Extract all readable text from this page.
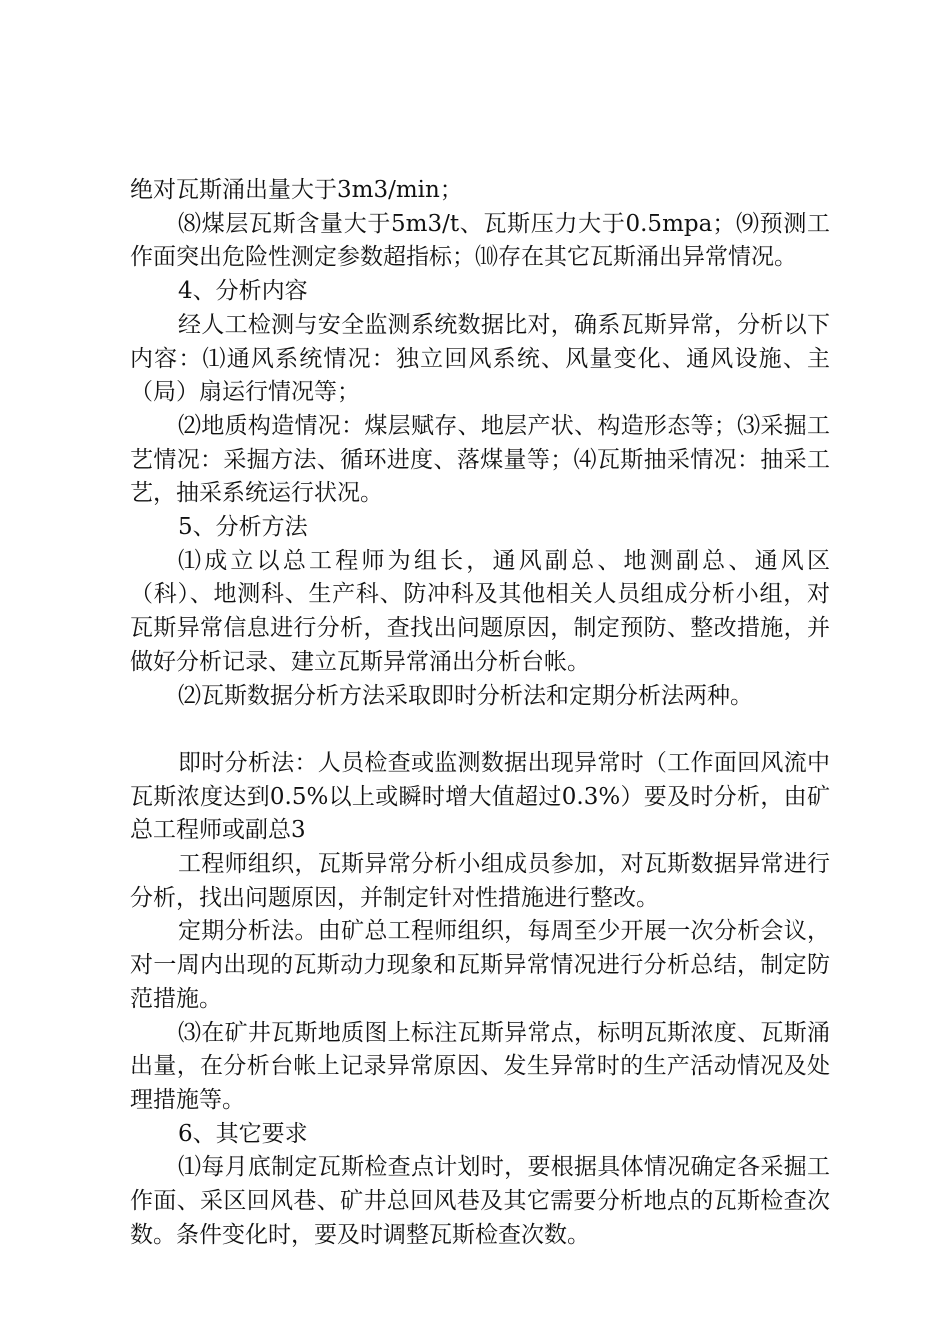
绝对瓦斯涌出量大于3m3/min；

⑻煤层瓦斯含量大于5m3/t、瓦斯压力大于0.5mpa；⑼预测工作面突出危险性测定参数超指标；⑽存在其它瓦斯涌出异常情况。

4、分析内容

经人工检测与安全监测系统数据比对，确系瓦斯异常，分析以下内容：⑴通风系统情况：独立回风系统、风量变化、通风设施、主（局）扇运行情况等；

⑵地质构造情况：煤层赋存、地层产状、构造形态等；⑶采掘工艺情况：采掘方法、循环进度、落煤量等；⑷瓦斯抽采情况：抽采工艺，抽采系统运行状况。

5、分析方法

⑴成立以总工程师为组长，通风副总、地测副总、通风区（科）、地测科、生产科、防冲科及其他相关人员组成分析小组，对瓦斯异常信息进行分析，查找出问题原因，制定预防、整改措施，并做好分析记录、建立瓦斯异常涌出分析台帐。

⑵瓦斯数据分析方法采取即时分析法和定期分析法两种。

即时分析法：人员检查或监测数据出现异常时（工作面回风流中瓦斯浓度达到0.5%以上或瞬时增大值超过0.3%）要及时分析，由矿总工程师或副总3

工程师组织，瓦斯异常分析小组成员参加，对瓦斯数据异常进行分析，找出问题原因，并制定针对性措施进行整改。

定期分析法。由矿总工程师组织，每周至少开展一次分析会议，对一周内出现的瓦斯动力现象和瓦斯异常情况进行分析总结，制定防范措施。

⑶在矿井瓦斯地质图上标注瓦斯异常点，标明瓦斯浓度、瓦斯涌出量，在分析台帐上记录异常原因、发生异常时的生产活动情况及处理措施等。

6、其它要求

⑴每月底制定瓦斯检查点计划时，要根据具体情况确定各采掘工作面、采区回风巷、矿井总回风巷及其它需要分析地点的瓦斯检查次数。条件变化时，要及时调整瓦斯检查次数。
